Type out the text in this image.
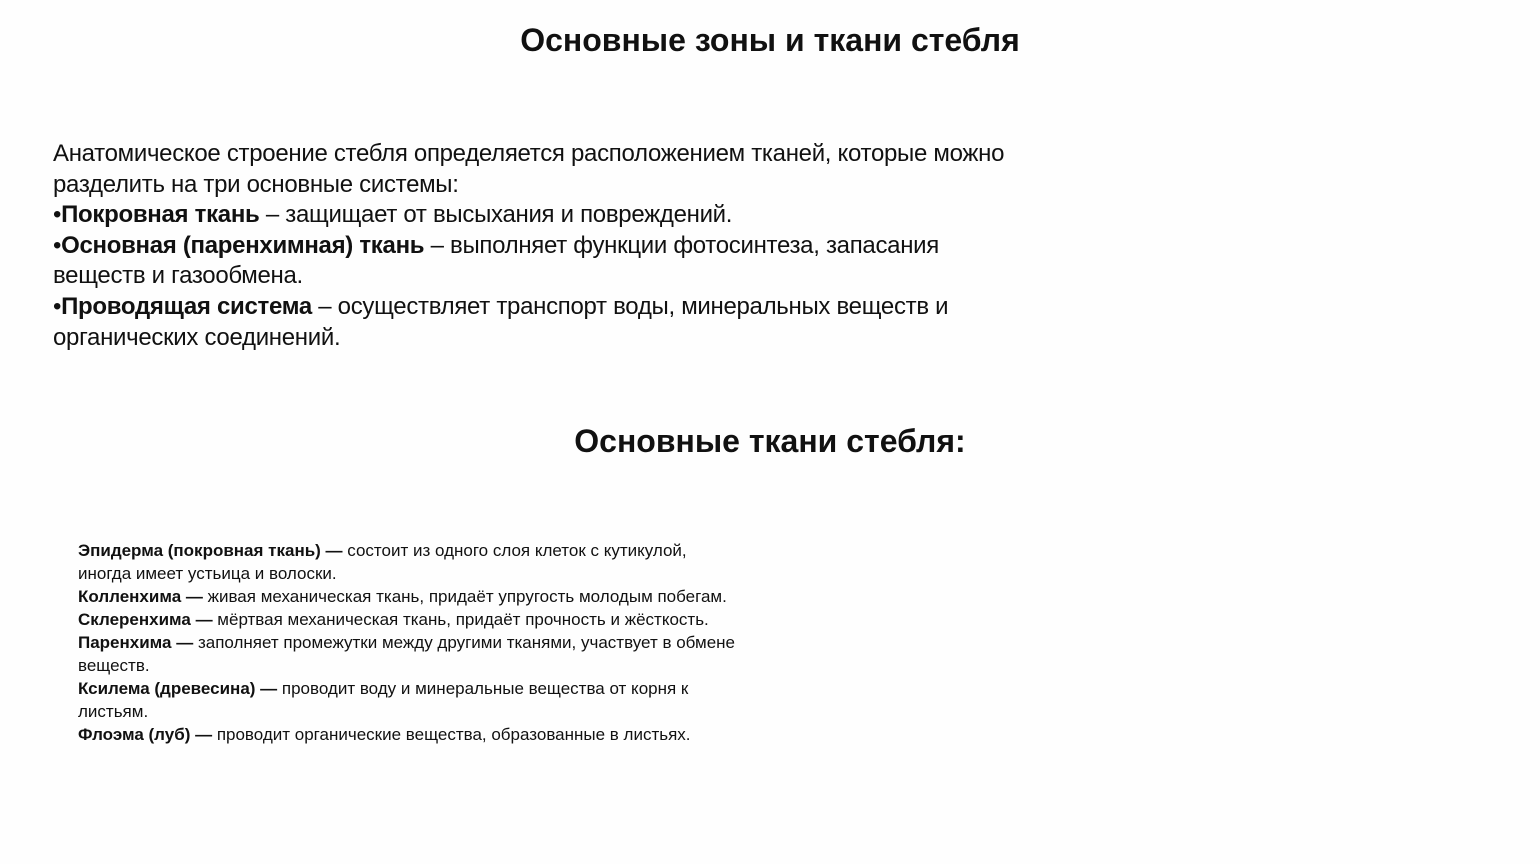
Основные зоны и ткани стебля
Анатомическое строение стебля определяется расположением тканей, которые можно
разделить на три основные системы:
•Покровная ткань – защищает от высыхания и повреждений.
•Основная (паренхимная) ткань – выполняет функции фотосинтеза, запасания
веществ и газообмена.
•Проводящая система – осуществляет транспорт воды, минеральных веществ и
органических соединений.
Основные ткани стебля:
Эпидерма (покровная ткань) — состоит из одного слоя клеток с кутикулой,
иногда имеет устьица и волоски.
Колленхима — живая механическая ткань, придаёт упругость молодым побегам.
Склеренхима — мёртвая механическая ткань, придаёт прочность и жёсткость.
Паренхима — заполняет промежутки между другими тканями, участвует в обмене
веществ.
Ксилема (древесина) — проводит воду и минеральные вещества от корня к
листьям.
Флоэма (луб) — проводит органические вещества, образованные в листьях.
